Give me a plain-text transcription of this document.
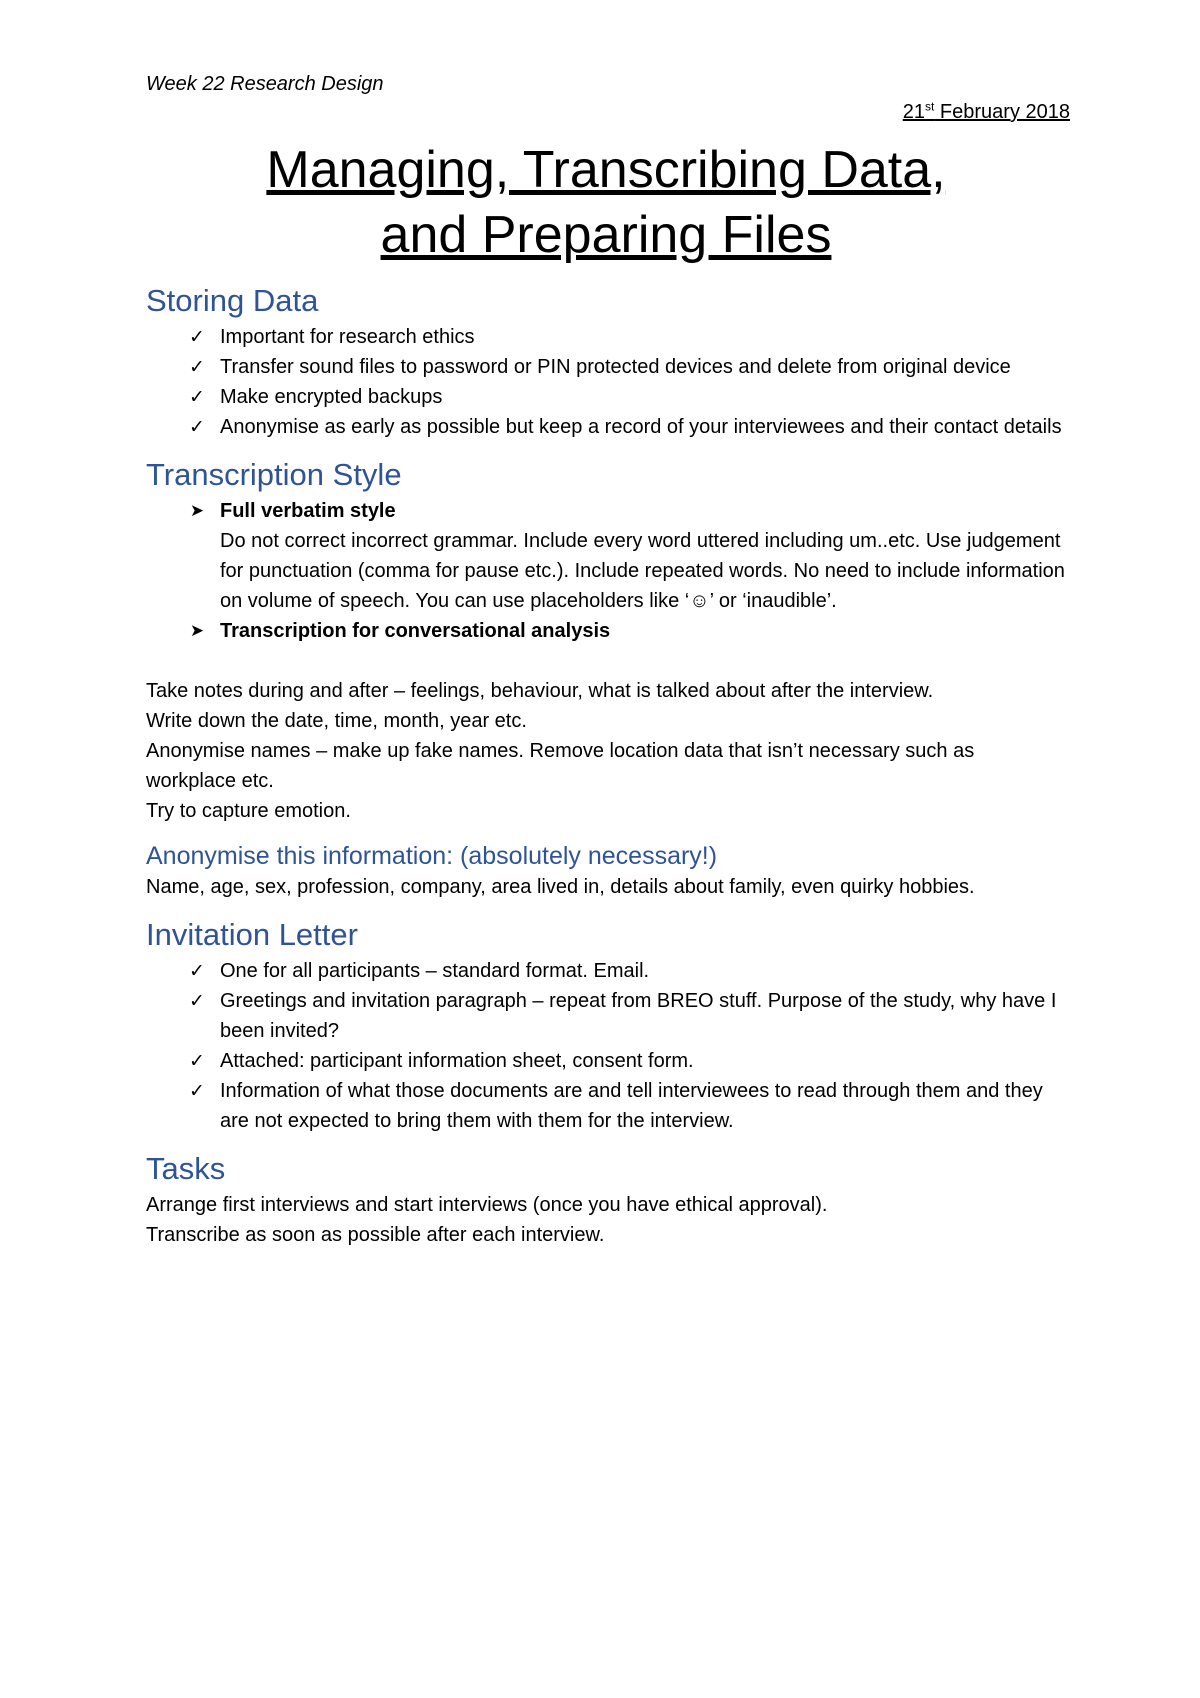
Week 22 Research Design

21st February 2018

Managing, Transcribing Data,
and Preparing Files
Storing Data
✓ Important for research ethics
✓ Transfer sound files to password or PIN protected devices and delete from original device
✓ Make encrypted backups
✓ Anonymise as early as possible but keep a record of your interviewees and their contact details
Transcription Style
➤ Full verbatim style
Do not correct incorrect grammar. Include every word uttered including um..etc. Use judgement for punctuation (comma for pause etc.). Include repeated words. No need to include information on volume of speech. You can use placeholders like ‘☺’ or ‘inaudible’.
➤ Transcription for conversational analysis

Take notes during and after – feelings, behaviour, what is talked about after the interview.

Write down the date, time, month, year etc.

Anonymise names – make up fake names. Remove location data that isn’t necessary such as workplace etc.

Try to capture emotion.

Anonymise this information: (absolutely necessary!)

Name, age, sex, profession, company, area lived in, details about family, even quirky hobbies.

Invitation Letter
✓ One for all participants – standard format. Email.
✓ Greetings and invitation paragraph – repeat from BREO stuff. Purpose of the study, why have I been invited?
✓ Attached: participant information sheet, consent form.
✓ Information of what those documents are and tell interviewees to read through them and they are not expected to bring them with them for the interview.
Tasks

Arrange first interviews and start interviews (once you have ethical approval).

Transcribe as soon as possible after each interview.
